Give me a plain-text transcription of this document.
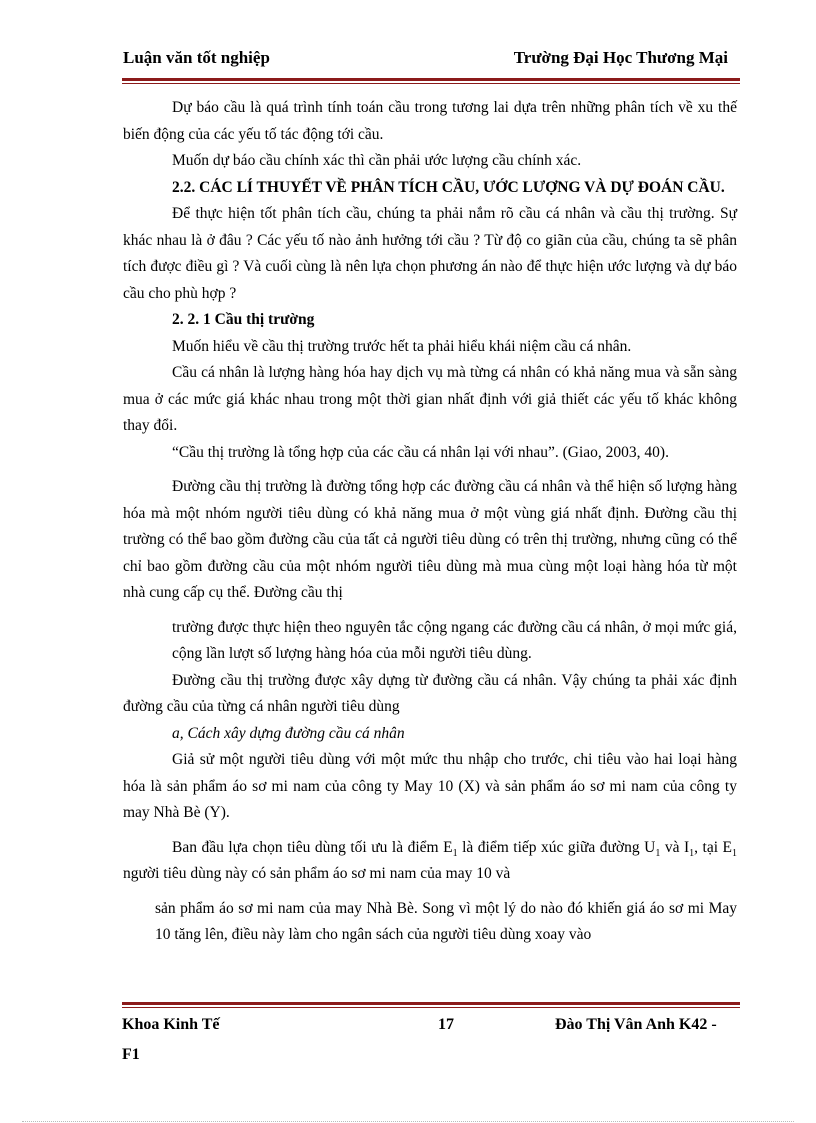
Luận văn tốt nghiệp	Trường Đại Học Thương Mại

Dự báo cầu là quá trình tính toán cầu trong tương lai dựa trên những phân tích về xu thế biến động của các yếu tố tác động tới cầu.

Muốn dự báo cầu chính xác thì cần phải ước lượng cầu chính xác.

2.2. CÁC LÍ THUYẾT VỀ PHÂN TÍCH CẦU, ƯỚC LƯỢNG VÀ DỰ ĐOÁN CẦU.

Để thực hiện tốt phân tích cầu, chúng ta phải nắm rõ cầu cá nhân và cầu thị trường. Sự khác nhau là ở đâu ? Các yếu tố nào ảnh hưởng tới cầu ? Từ độ co giãn của cầu, chúng ta sẽ phân tích được điều gì ? Và cuối cùng là nên lựa chọn phương án nào để thực hiện ước lượng và dự báo cầu cho phù hợp ?

2. 2. 1 Cầu thị trường

Muốn hiểu về cầu thị trường trước hết ta phải hiểu khái niệm cầu cá nhân.

Cầu cá nhân là lượng hàng hóa hay dịch vụ mà từng cá nhân có khả năng mua và sẵn sàng mua ở các mức giá khác nhau trong một thời gian nhất định với giả thiết các yếu tố khác không thay đổi.

“Cầu thị trường là tổng hợp của các cầu cá nhân lại với nhau”. (Giao, 2003, 40).

Đường cầu thị trường là đường tổng hợp các đường cầu cá nhân và thể hiện số lượng hàng hóa mà một nhóm người tiêu dùng có khả năng mua ở một vùng giá nhất định. Đường cầu thị trường có thể bao gồm đường cầu của tất cả người tiêu dùng có trên thị trường, nhưng cũng có thể chỉ bao gồm đường cầu của một nhóm người tiêu dùng mà mua cùng một loại hàng hóa từ một nhà cung cấp cụ thể. Đường cầu thị

trường được thực hiện theo nguyên tắc cộng ngang các đường cầu cá nhân, ở mọi mức giá, cộng lần lượt số lượng hàng hóa của mỗi người tiêu dùng.

Đường cầu thị trường được xây dựng từ đường cầu cá nhân. Vậy chúng ta phải xác định đường cầu của từng cá nhân người tiêu dùng

a, Cách xây dựng đường cầu cá nhân

Giả sử một người tiêu dùng với một mức thu nhập cho trước, chi tiêu vào hai loại hàng hóa là sản phẩm áo sơ mi nam của công ty May 10 (X) và sản phẩm áo sơ mi nam của công ty may Nhà Bè (Y).

Ban đầu lựa chọn tiêu dùng tối ưu là điểm $E_1$ là điểm tiếp xúc giữa đường $U_1$ và $I_1$, tại $E_1$ người tiêu dùng này có sản phẩm áo sơ mi nam của may 10 và

sản phẩm áo sơ mi nam của may Nhà Bè. Song vì một lý do nào đó khiến giá áo sơ mi May 10 tăng lên, điều này làm cho ngân sách của người tiêu dùng xoay vào

Khoa Kinh Tế	17	Đào Thị Vân Anh K42 -
F1
